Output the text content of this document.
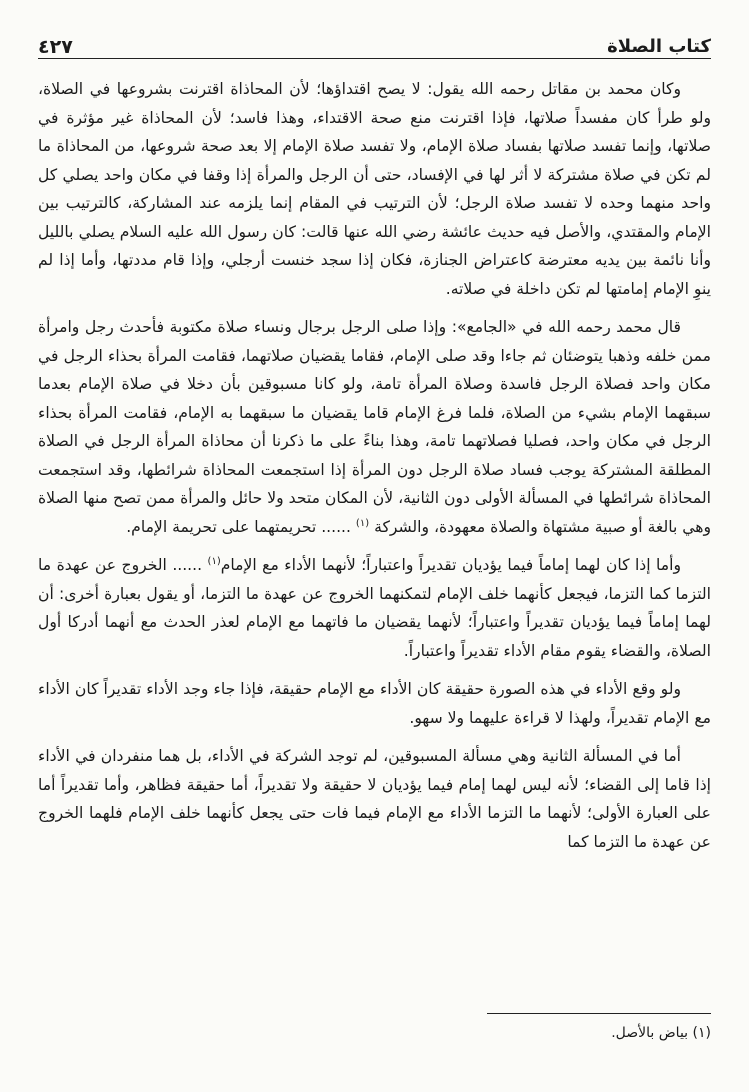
كتاب الصلاة
٤٢٧

وكان محمد بن مقاتل رحمه الله يقول: لا يصح اقتداؤها؛ لأن المحاذاة اقترنت بشروعها في الصلاة، ولو طرأ كان مفسداً صلاتها، فإذا اقترنت منع صحة الاقتداء، وهذا فاسد؛ لأن المحاذاة غير مؤثرة في صلاتها، وإنما تفسد صلاتها بفساد صلاة الإمام، ولا تفسد صلاة الإمام إلا بعد صحة شروعها، من المحاذاة ما لم تكن في صلاة مشتركة لا أثر لها في الإفساد، حتى أن الرجل والمرأة إذا وقفا في مكان واحد يصلي كل واحد منهما وحده لا تفسد صلاة الرجل؛ لأن الترتيب في المقام إنما يلزمه عند المشاركة، كالترتيب بين الإمام والمقتدي، والأصل فيه حديث عائشة رضي الله عنها قالت: كان رسول الله عليه السلام يصلي بالليل وأنا نائمة بين يديه معترضة كاعتراض الجنازة، فكان إذا سجد خنست أرجلي، وإذا قام مددتها، وأما إذا لم ينوِ الإمام إمامتها لم تكن داخلة في صلاته.

قال محمد رحمه الله في «الجامع»: وإذا صلى الرجل برجال ونساء صلاة مكتوبة فأحدث رجل وامرأة ممن خلفه وذهبا يتوضئان ثم جاءا وقد صلى الإمام، فقاما يقضيان صلاتهما، فقامت المرأة بحذاء الرجل في مكان واحد فصلاة الرجل فاسدة وصلاة المرأة تامة، ولو كانا مسبوقين بأن دخلا في صلاة الإمام بعدما سبقهما الإمام بشيء من الصلاة، فلما فرغ الإمام قاما يقضيان ما سبقهما به الإمام، فقامت المرأة بحذاء الرجل في مكان واحد، فصليا فصلاتهما تامة، وهذا بناءً على ما ذكرنا أن محاذاة المرأة الرجل في الصلاة المطلقة المشتركة يوجب فساد صلاة الرجل دون المرأة إذا استجمعت المحاذاة شرائطها، وقد استجمعت المحاذاة شرائطها في المسألة الأولى دون الثانية، لأن المكان متحد ولا حائل والمرأة ممن تصح منها الصلاة وهي بالغة أو صبية مشتهاة والصلاة معهودة، والشركة $^{(١)}$ ...... تحريمتهما على تحريمة الإمام.

وأما إذا كان لهما إماماً فيما يؤديان تقديراً واعتباراً؛ لأنهما الأداء مع الإمام$^{(١)}$ ...... الخروج عن عهدة ما التزما كما التزما، فيجعل كأنهما خلف الإمام لتمكنهما الخروج عن عهدة ما التزما، أو يقول بعبارة أخرى: أن لهما إماماً فيما يؤديان تقديراً واعتباراً؛ لأنهما يقضيان ما فاتهما مع الإمام لعذر الحدث مع أنهما أدركا أول الصلاة، والقضاء يقوم مقام الأداء تقديراً واعتباراً.

ولو وقع الأداء في هذه الصورة حقيقة كان الأداء مع الإمام حقيقة، فإذا جاء وجد الأداء تقديراً كان الأداء مع الإمام تقديراً، ولهذا لا قراءة عليهما ولا سهو.

أما في المسألة الثانية وهي مسألة المسبوقين، لم توجد الشركة في الأداء، بل هما منفردان في الأداء إذا قاما إلى القضاء؛ لأنه ليس لهما إمام فيما يؤديان لا حقيقة ولا تقديراً، أما حقيقة فظاهر، وأما تقديراً أما على العبارة الأولى؛ لأنهما ما التزما الأداء مع الإمام فيما فات حتى يجعل كأنهما خلف الإمام فلهما الخروج عن عهدة ما التزما كما

(١) بياض بالأصل.
